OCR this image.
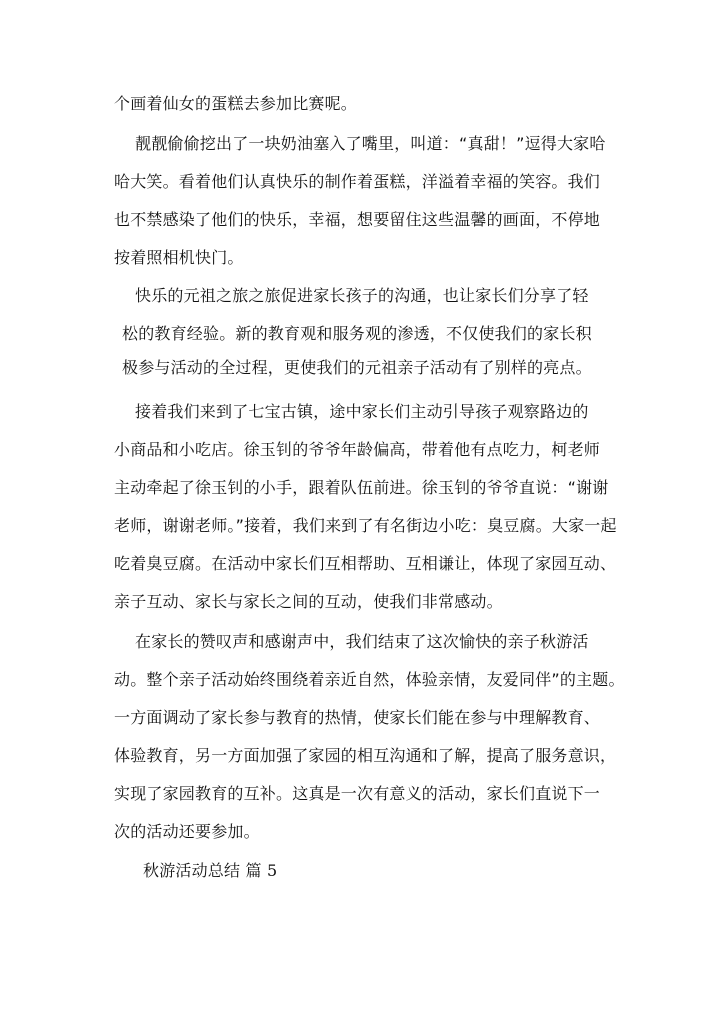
个画着仙女的蛋糕去参加比赛呢。
靓靓偷偷挖出了一块奶油塞入了嘴里，叫道：“真甜！”逗得大家哈
哈大笑。看着他们认真快乐的制作着蛋糕，洋溢着幸福的笑容。我们
也不禁感染了他们的快乐，幸福，想要留住这些温馨的画面，不停地
按着照相机快门。
快乐的元祖之旅之旅促进家长孩子的沟通，也让家长们分享了轻
松的教育经验。新的教育观和服务观的渗透，不仅使我们的家长积
极参与活动的全过程，更使我们的元祖亲子活动有了别样的亮点。
接着我们来到了七宝古镇，途中家长们主动引导孩子观察路边的
小商品和小吃店。徐玉钊的爷爷年龄偏高，带着他有点吃力，柯老师
主动牵起了徐玉钊的小手，跟着队伍前进。徐玉钊的爷爷直说：“谢谢
老师，谢谢老师。”接着，我们来到了有名街边小吃：臭豆腐。大家一起
吃着臭豆腐。在活动中家长们互相帮助、互相谦让，体现了家园互动、
亲子互动、家长与家长之间的互动，使我们非常感动。
在家长的赞叹声和感谢声中，我们结束了这次愉快的亲子秋游活
动。整个亲子活动始终围绕着亲近自然，体验亲情，友爱同伴”的主题。
一方面调动了家长参与教育的热情，使家长们能在参与中理解教育、
体验教育，另一方面加强了家园的相互沟通和了解，提高了服务意识，
实现了家园教育的互补。这真是一次有意义的活动，家长们直说下一
次的活动还要参加。
秋游活动总结 篇 5
